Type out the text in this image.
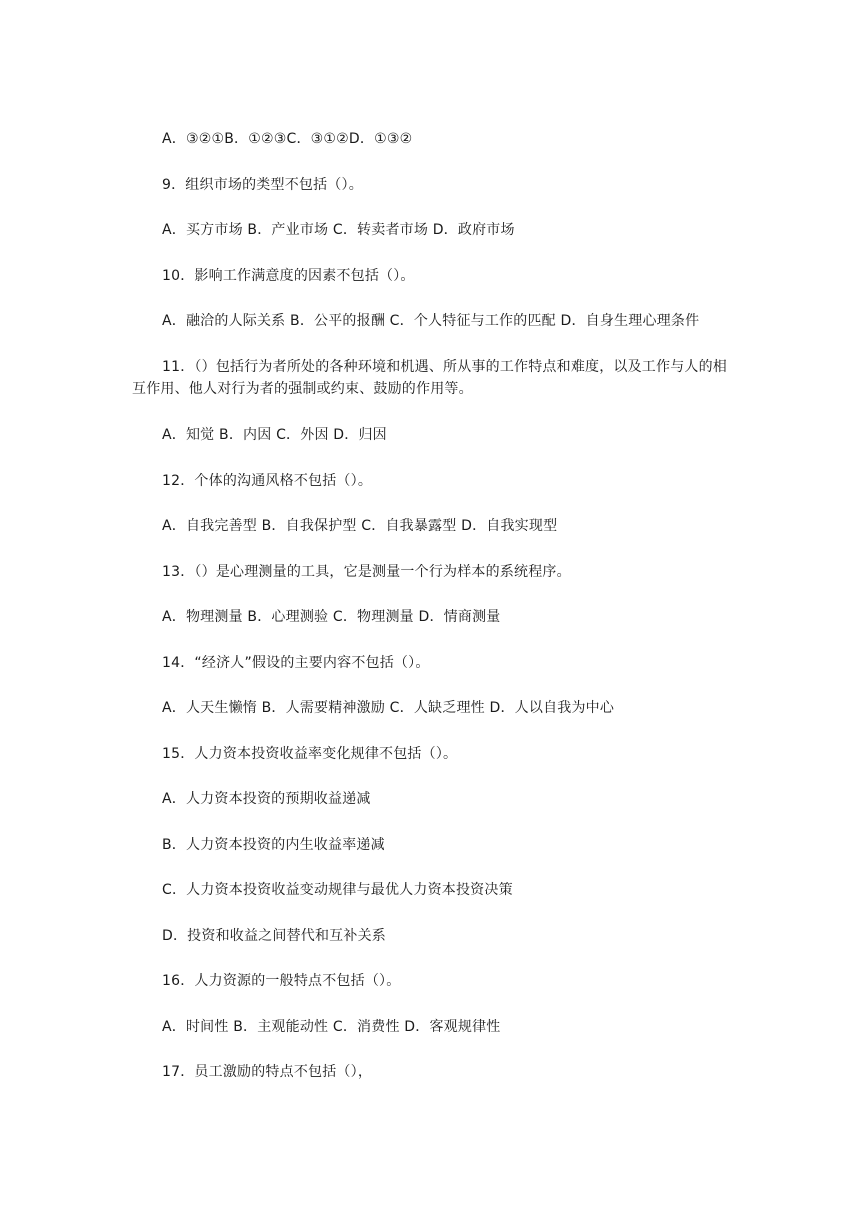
A．③②①B．①②③C．③①②D．①③②

9．组织市场的类型不包括（）。

A．买方市场 B．产业市场 C．转卖者市场 D．政府市场

10．影响工作满意度的因素不包括（）。

A．融洽的人际关系 B．公平的报酬 C．个人特征与工作的匹配 D．自身生理心理条件

11．（）包括行为者所处的各种环境和机遇、所从事的工作特点和难度，以及工作与人的相互作用、他人对行为者的强制或约束、鼓励的作用等。

A．知觉 B．内因 C．外因 D．归因

12．个体的沟通风格不包括（）。

A．自我完善型 B．自我保护型 C．自我暴露型 D．自我实现型

13．（）是心理测量的工具，它是测量一个行为样本的系统程序。

A．物理测量 B．心理测验 C．物理测量 D．情商测量

14．“经济人”假设的主要内容不包括（）。

A．人天生懒惰 B．人需要精神激励 C．人缺乏理性 D．人以自我为中心

15．人力资本投资收益率变化规律不包括（）。

A．人力资本投资的预期收益递减

B．人力资本投资的内生收益率递减

C．人力资本投资收益变动规律与最优人力资本投资决策

D．投资和收益之间替代和互补关系

16．人力资源的一般特点不包括（）。

A．时间性 B．主观能动性 C．消费性 D．客观规律性

17．员工激励的特点不包括（），
